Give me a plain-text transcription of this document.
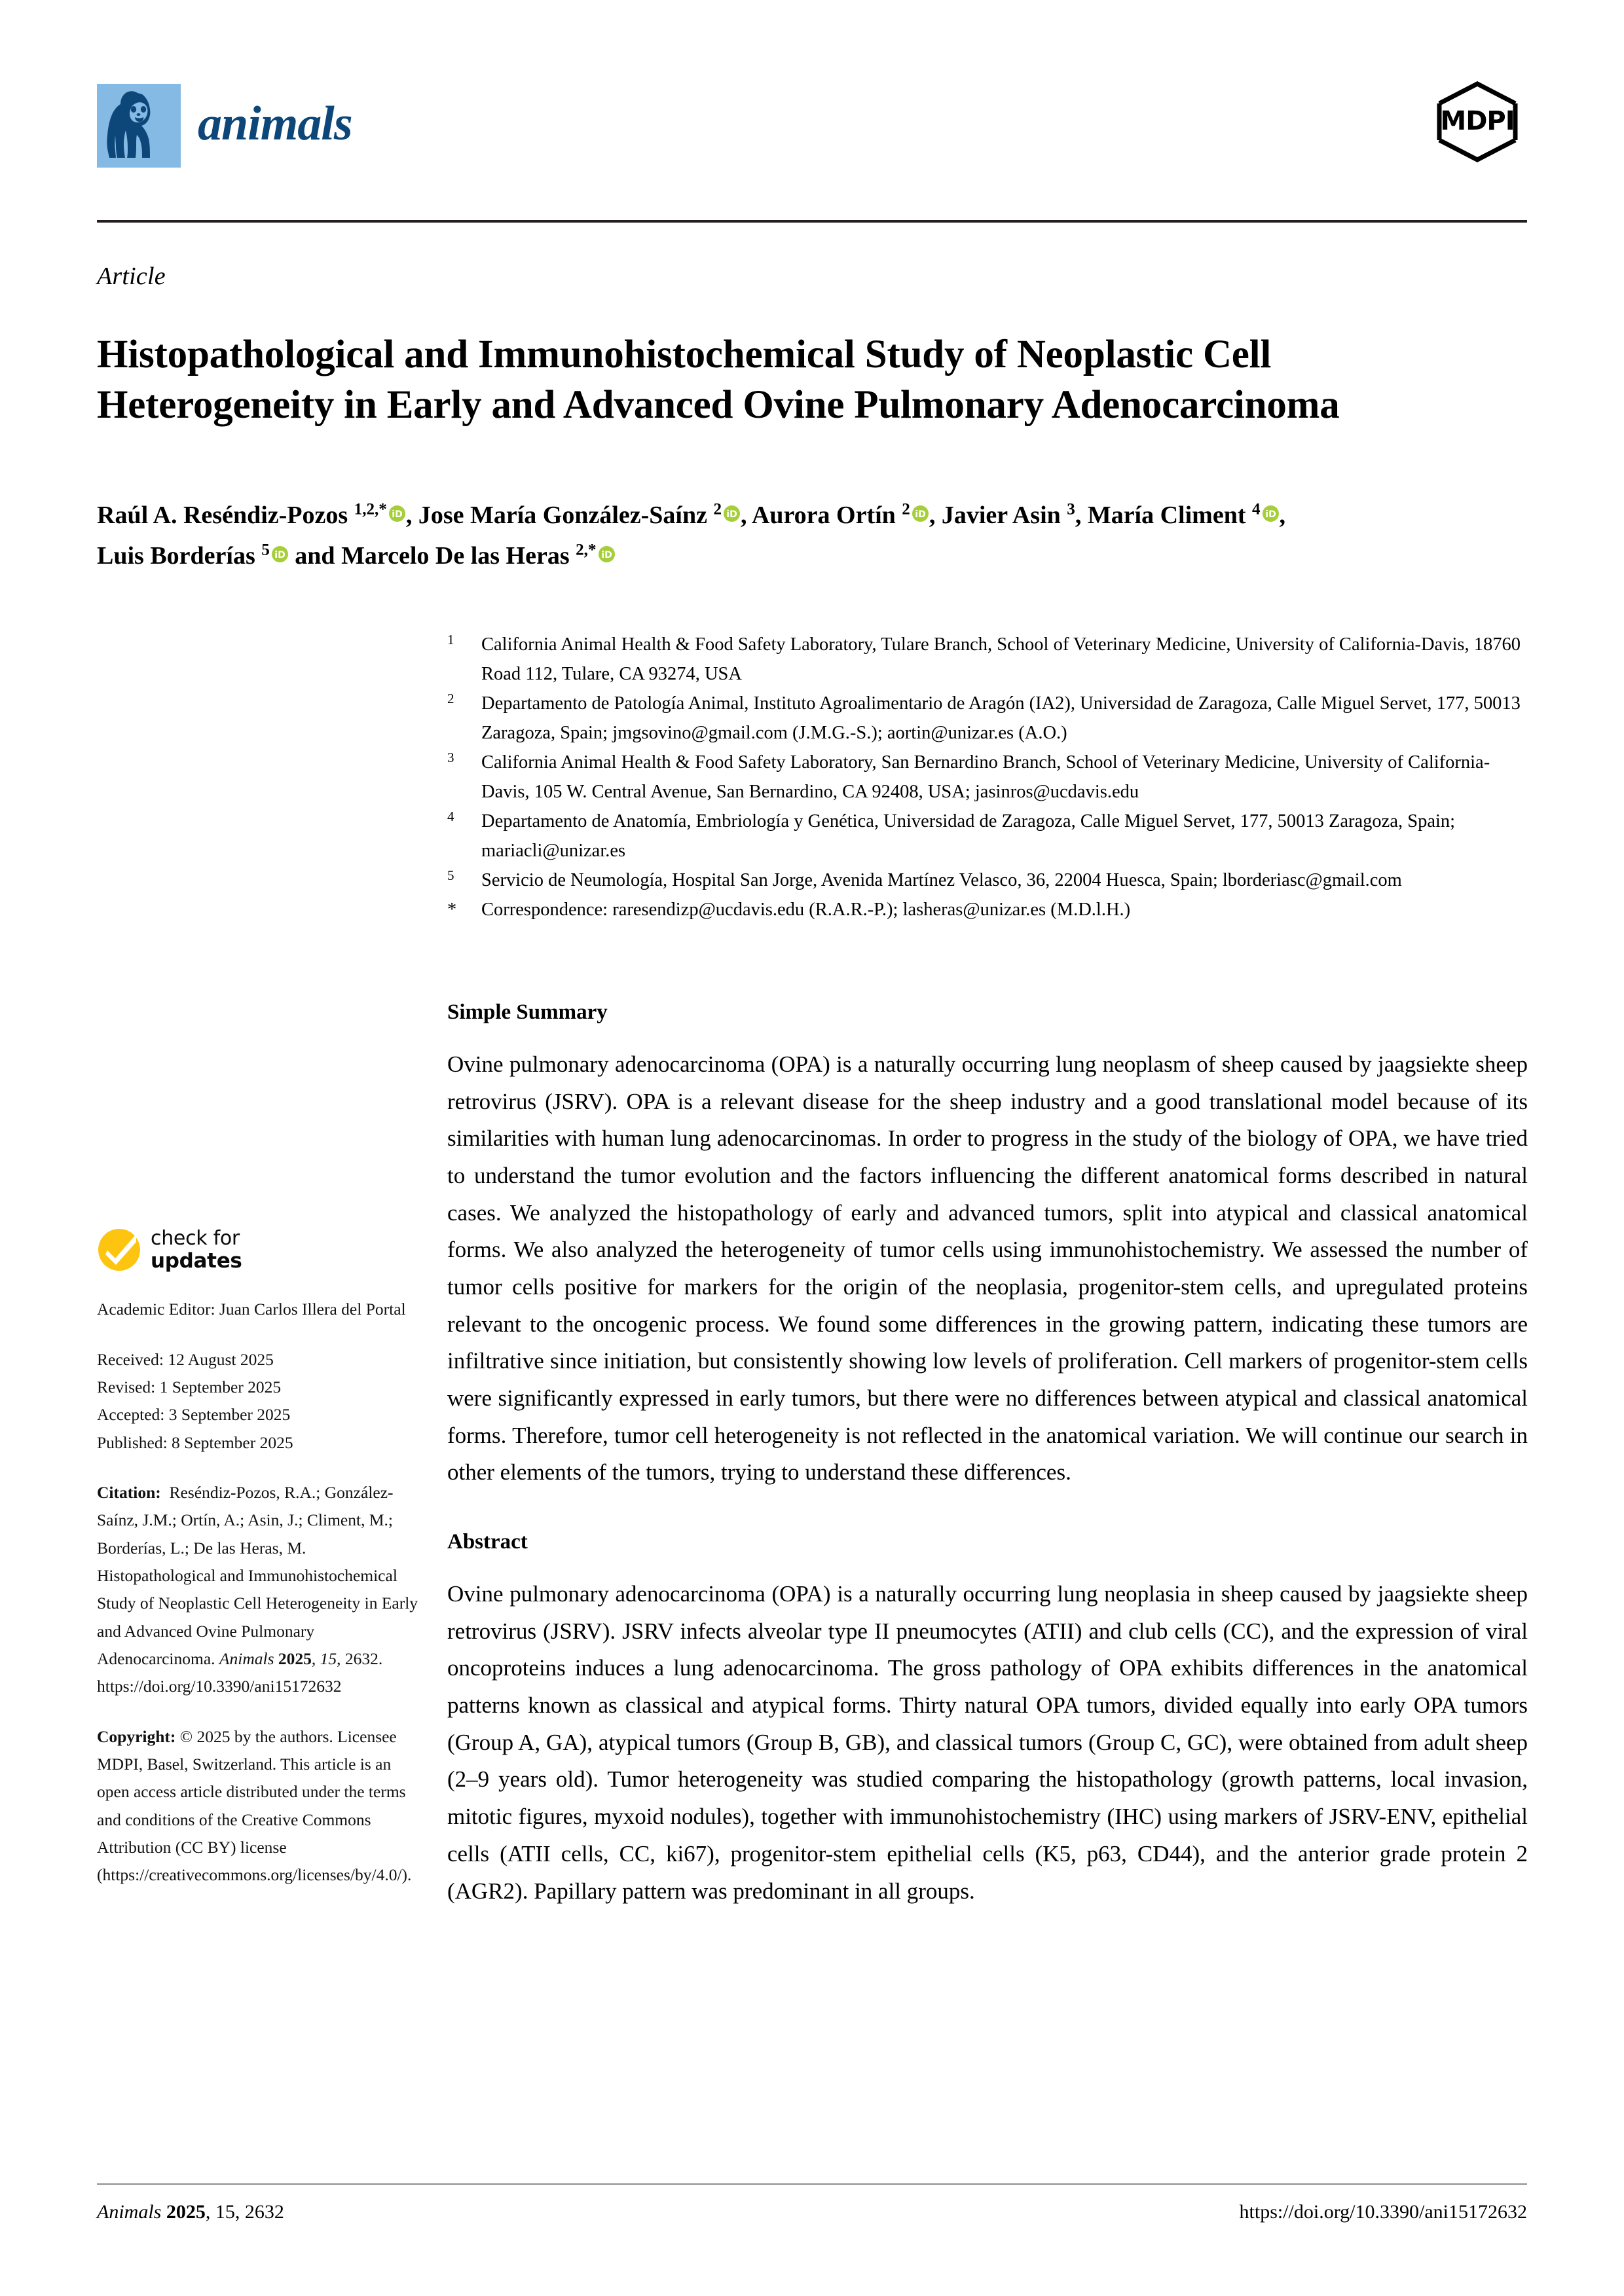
animals	MDPI
Article
Histopathological and Immunohistochemical Study of Neoplastic Cell Heterogeneity in Early and Advanced Ovine Pulmonary Adenocarcinoma
Raúl A. Reséndiz-Pozos $^{1,2,*}$ iD , Jose María González-Saínz $^2$ iD , Aurora Ortín $^2$ iD , Javier Asin $^3$, María Climent $^4$ iD ,
Luis Borderías $^5$ iD and Marcelo De las Heras $^{2,*}$ iD
1	California Animal Health & Food Safety Laboratory, Tulare Branch, School of Veterinary Medicine, University of California-Davis, 18760 Road 112, Tulare, CA 93274, USA
2	Departamento de Patología Animal, Instituto Agroalimentario de Aragón (IA2), Universidad de Zaragoza, Calle Miguel Servet, 177, 50013 Zaragoza, Spain; jmgsovino@gmail.com (J.M.G.-S.); aortin@unizar.es (A.O.)
3	California Animal Health & Food Safety Laboratory, San Bernardino Branch, School of Veterinary Medicine, University of California-Davis, 105 W. Central Avenue, San Bernardino, CA 92408, USA; jasinros@ucdavis.edu
4	Departamento de Anatomía, Embriología y Genética, Universidad de Zaragoza, Calle Miguel Servet, 177, 50013 Zaragoza, Spain; mariacli@unizar.es
5	Servicio de Neumología, Hospital San Jorge, Avenida Martínez Velasco, 36, 22004 Huesca, Spain; lborderiasc@gmail.com
*	Correspondence: raresendizp@ucdavis.edu (R.A.R.-P.); lasheras@unizar.es (M.D.l.H.)
check for
updates

Academic Editor: Juan Carlos Illera del Portal

Received: 12 August 2025

Revised: 1 September 2025

Accepted: 3 September 2025

Published: 8 September 2025

Citation: Reséndiz-Pozos, R.A.; González-Saínz, J.M.; Ortín, A.; Asin, J.; Climent, M.; Borderías, L.; De las Heras, M. Histopathological and Immunohistochemical Study of Neoplastic Cell Heterogeneity in Early and Advanced Ovine Pulmonary Adenocarcinoma. Animals 2025, 15, 2632. https://doi.org/10.3390/ani15172632

Copyright: © 2025 by the authors. Licensee MDPI, Basel, Switzerland. This article is an open access article distributed under the terms and conditions of the Creative Commons Attribution (CC BY) license (https://creativecommons.org/licenses/by/4.0/).

Simple Summary

Ovine pulmonary adenocarcinoma (OPA) is a naturally occurring lung neoplasm of sheep caused by jaagsiekte sheep retrovirus (JSRV). OPA is a relevant disease for the sheep industry and a good translational model because of its similarities with human lung adenocarcinomas. In order to progress in the study of the biology of OPA, we have tried to understand the tumor evolution and the factors influencing the different anatomical forms described in natural cases. We analyzed the histopathology of early and advanced tumors, split into atypical and classical anatomical forms. We also analyzed the heterogeneity of tumor cells using immunohistochemistry. We assessed the number of tumor cells positive for markers for the origin of the neoplasia, progenitor-stem cells, and upregulated proteins relevant to the oncogenic process. We found some differences in the growing pattern, indicating these tumors are infiltrative since initiation, but consistently showing low levels of proliferation. Cell markers of progenitor-stem cells were significantly expressed in early tumors, but there were no differences between atypical and classical anatomical forms. Therefore, tumor cell heterogeneity is not reflected in the anatomical variation. We will continue our search in other elements of the tumors, trying to understand these differences.

Abstract

Ovine pulmonary adenocarcinoma (OPA) is a naturally occurring lung neoplasia in sheep caused by jaagsiekte sheep retrovirus (JSRV). JSRV infects alveolar type II pneumocytes (ATII) and club cells (CC), and the expression of viral oncoproteins induces a lung adenocarcinoma. The gross pathology of OPA exhibits differences in the anatomical patterns known as classical and atypical forms. Thirty natural OPA tumors, divided equally into early OPA tumors (Group A, GA), atypical tumors (Group B, GB), and classical tumors (Group C, GC), were obtained from adult sheep (2–9 years old). Tumor heterogeneity was studied comparing the histopathology (growth patterns, local invasion, mitotic figures, myxoid nodules), together with immunohistochemistry (IHC) using markers of JSRV-ENV, epithelial cells (ATII cells, CC, ki67), progenitor-stem epithelial cells (K5, p63, CD44), and the anterior grade protein 2 (AGR2). Papillary pattern was predominant in all groups.

Animals 2025, 15, 2632	https://doi.org/10.3390/ani15172632
